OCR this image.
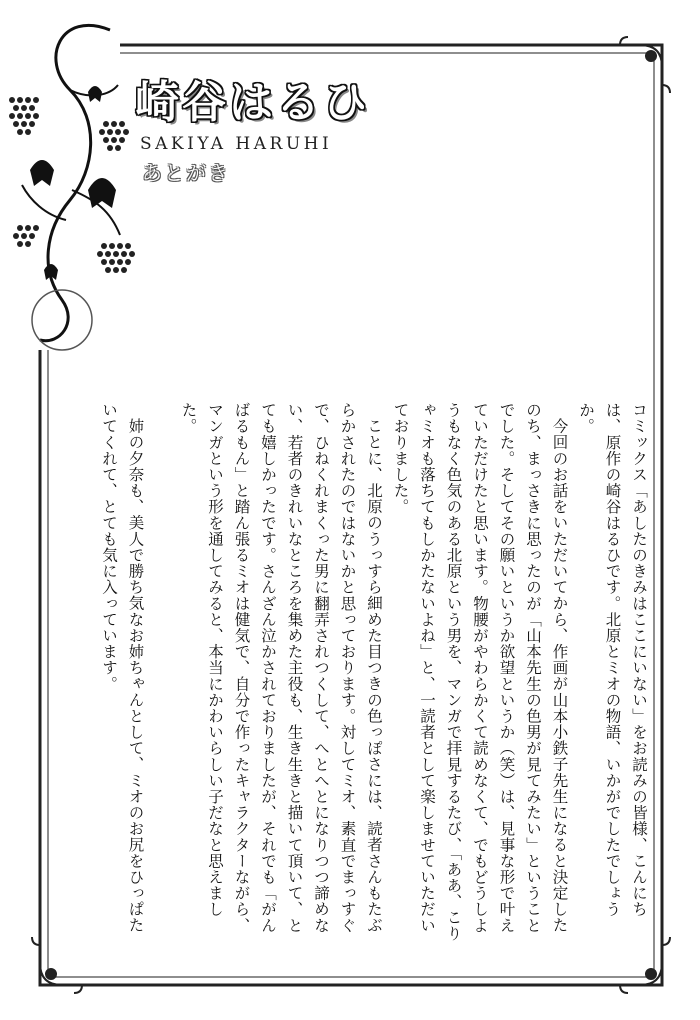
崎谷はるひ
SAKIYA HARUHI
あとがき

コミックス「あしたのきみはここにいない」をお読みの皆様、こんにちは、原作の崎谷はるひです。北原とミオの物語、いかがでしたでしょうか。

今回のお話をいただいてから、作画が山本小鉄子先生になると決定したのち、まっさきに思ったのが「山本先生の色男が見てみたい」ということでした。そしてその願いというか欲望というか（笑）は、見事な形で叶えていただけたと思います。物腰がやわらかくて読めなくて、でもどうしようもなく色気のある北原という男を、マンガで拝見するたび、「ああ、こりゃミオも落ちてもしかたないよね」と、一読者として楽しませていただいておりました。

ことに、北原のうっすら細めた目つきの色っぽさには、読者さんもたぶらかされたのではないかと思っております。対してミオ、素直でまっすぐで、ひねくれまくった男に翻弄されつくして、へとへとになりつつ諦めない、若者のきれいなところを集めた主役も、生き生きと描いて頂いて、とても嬉しかったです。さんざん泣かされておりましたが、それでも「がんばるもん」と踏ん張るミオは健気で、自分で作ったキャラクターながら、マンガという形を通してみると、本当にかわいらしい子だなと思えました。

姉の夕奈も、美人で勝ち気なお姉ちゃんとして、ミオのお尻をひっぱたいてくれて、とても気に入っています。
